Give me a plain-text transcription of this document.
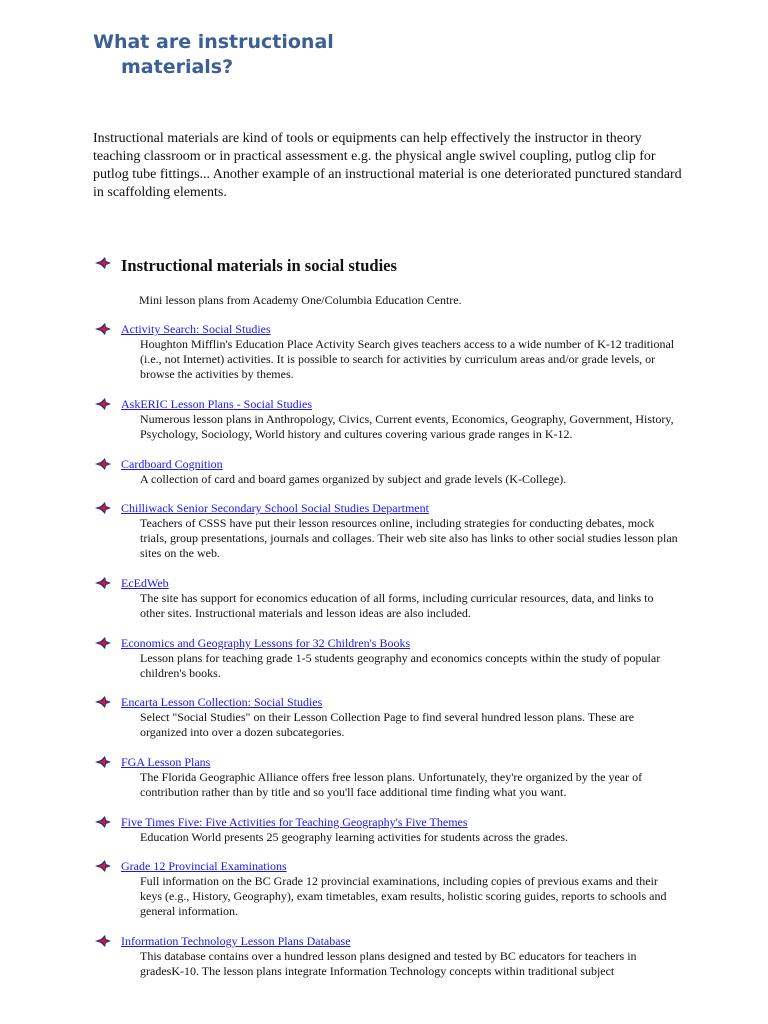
What are instructional
materials?
Instructional materials are kind of tools or equipments can help effectively the instructor in theory teaching classroom or in practical assessment e.g. the physical angle swivel coupling, putlog clip for putlog tube fittings... Another example of an instructional material is one deteriorated punctured standard in scaffolding elements.
Instructional materials in social studies
Mini lesson plans from Academy One/Columbia Education Centre.
Activity Search: Social Studies
Houghton Mifflin's Education Place Activity Search gives teachers access to a wide number of K-12 traditional (i.e., not Internet) activities. It is possible to search for activities by curriculum areas and/or grade levels, or browse the activities by themes.
AskERIC Lesson Plans - Social Studies
Numerous lesson plans in Anthropology, Civics, Current events, Economics, Geography, Government, History, Psychology, Sociology, World history and cultures covering various grade ranges in K-12.
Cardboard Cognition
A collection of card and board games organized by subject and grade levels (K-College).
Chilliwack Senior Secondary School Social Studies Department
Teachers of CSSS have put their lesson resources online, including strategies for conducting debates, mock trials, group presentations, journals and collages. Their web site also has links to other social studies lesson plan sites on the web.
EcEdWeb
The site has support for economics education of all forms, including curricular resources, data, and links to other sites. Instructional materials and lesson ideas are also included.
Economics and Geography Lessons for 32 Children's Books
Lesson plans for teaching grade 1-5 students geography and economics concepts within the study of popular children's books.
Encarta Lesson Collection: Social Studies
Select "Social Studies" on their Lesson Collection Page to find several hundred lesson plans. These are organized into over a dozen subcategories.
FGA Lesson Plans
The Florida Geographic Alliance offers free lesson plans. Unfortunately, they're organized by the year of contribution rather than by title and so you'll face additional time finding what you want.
Five Times Five: Five Activities for Teaching Geography's Five Themes
Education World presents 25 geography learning activities for students across the grades.
Grade 12 Provincial Examinations
Full information on the BC Grade 12 provincial examinations, including copies of previous exams and their keys (e.g., History, Geography), exam timetables, exam results, holistic scoring guides, reports to schools and general information.
Information Technology Lesson Plans Database
This database contains over a hundred lesson plans designed and tested by BC educators for teachers in gradesK-10. The lesson plans integrate Information Technology concepts within traditional subject
